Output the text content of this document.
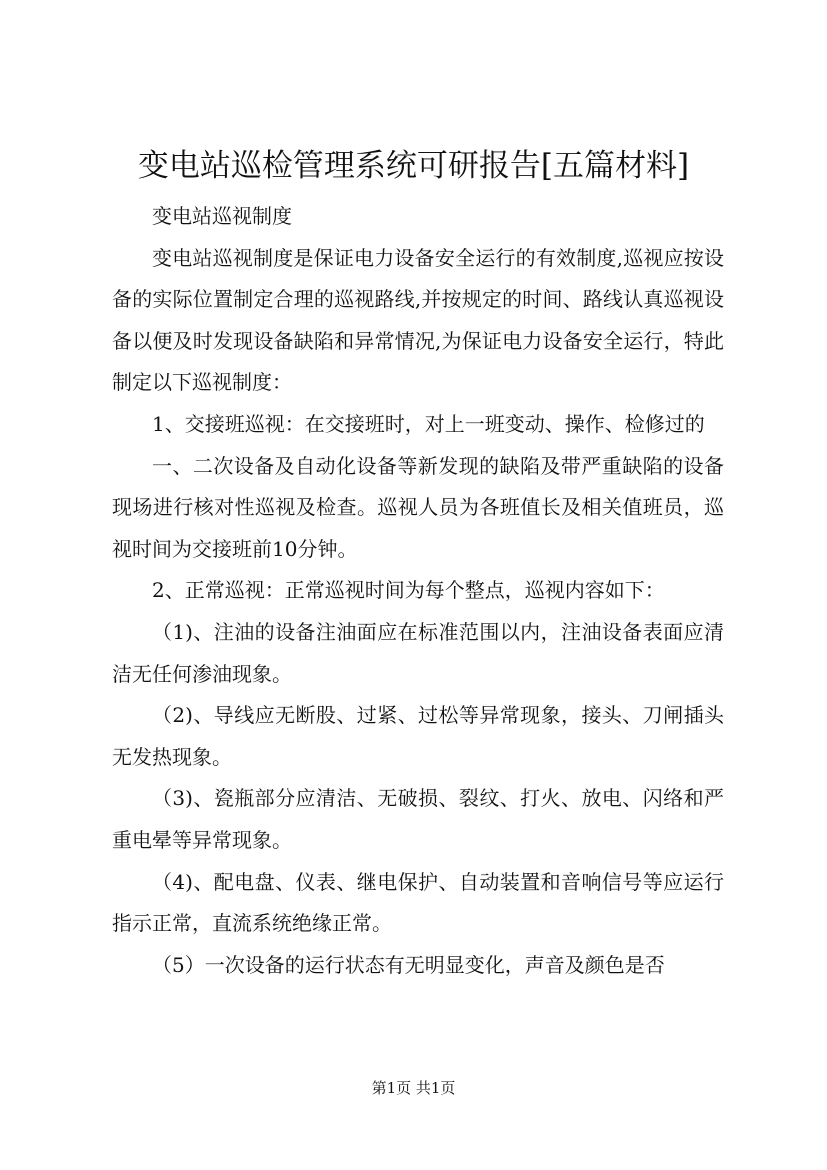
变电站巡检管理系统可研报告[五篇材料]

变电站巡视制度

变电站巡视制度是保证电力设备安全运行的有效制度,巡视应按设备的实际位置制定合理的巡视路线,并按规定的时间、路线认真巡视设备以便及时发现设备缺陷和异常情况,为保证电力设备安全运行，特此制定以下巡视制度：

1、交接班巡视：在交接班时，对上一班变动、操作、检修过的

一、二次设备及自动化设备等新发现的缺陷及带严重缺陷的设备现场进行核对性巡视及检查。巡视人员为各班值长及相关值班员，巡视时间为交接班前10分钟。

2、正常巡视：正常巡视时间为每个整点，巡视内容如下：

（1)、注油的设备注油面应在标准范围以内，注油设备表面应清洁无任何渗油现象。

（2)、导线应无断股、过紧、过松等异常现象，接头、刀闸插头无发热现象。

（3)、瓷瓶部分应清洁、无破损、裂纹、打火、放电、闪络和严重电晕等异常现象。

（4)、配电盘、仪表、继电保护、自动装置和音响信号等应运行指示正常，直流系统绝缘正常。

（5）一次设备的运行状态有无明显变化，声音及颜色是否

第1页 共1页
